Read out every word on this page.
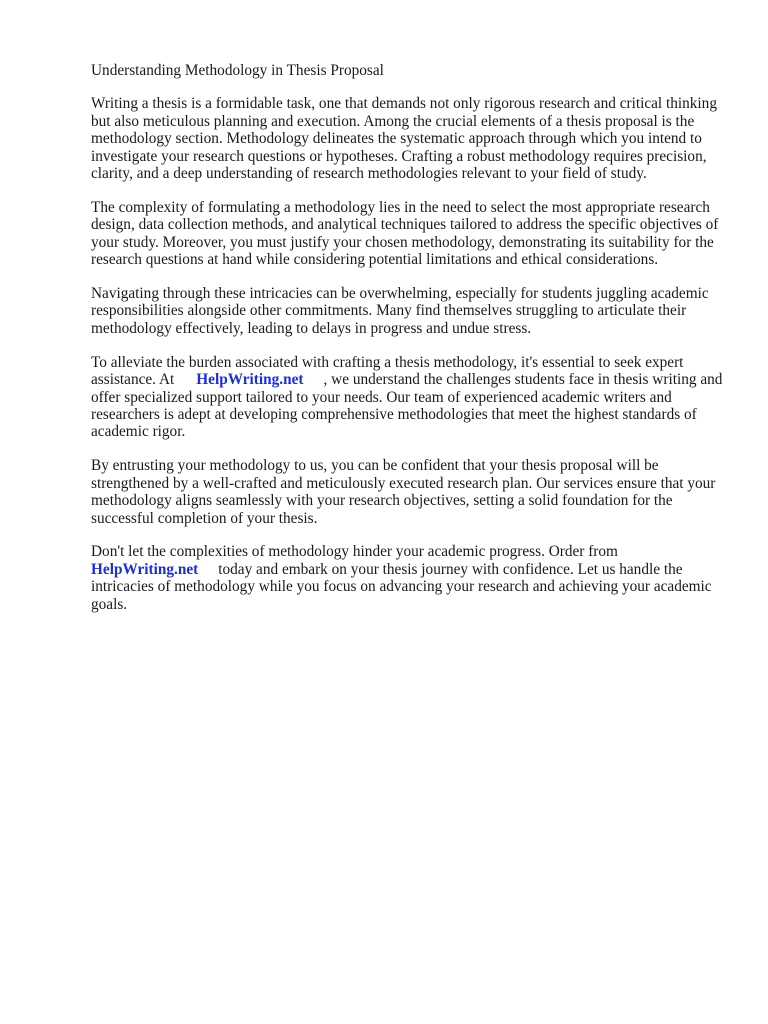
Understanding Methodology in Thesis Proposal

Writing a thesis is a formidable task, one that demands not only rigorous research and critical thinking but also meticulous planning and execution. Among the crucial elements of a thesis proposal is the methodology section. Methodology delineates the systematic approach through which you intend to investigate your research questions or hypotheses. Crafting a robust methodology requires precision, clarity, and a deep understanding of research methodologies relevant to your field of study.

The complexity of formulating a methodology lies in the need to select the most appropriate research design, data collection methods, and analytical techniques tailored to address the specific objectives of your study. Moreover, you must justify your chosen methodology, demonstrating its suitability for the research questions at hand while considering potential limitations and ethical considerations.

Navigating through these intricacies can be overwhelming, especially for students juggling academic responsibilities alongside other commitments. Many find themselves struggling to articulate their methodology effectively, leading to delays in progress and undue stress.

To alleviate the burden associated with crafting a thesis methodology, it's essential to seek expert assistance. At HelpWriting.net , we understand the challenges students face in thesis writing and offer specialized support tailored to your needs. Our team of experienced academic writers and researchers is adept at developing comprehensive methodologies that meet the highest standards of academic rigor.

By entrusting your methodology to us, you can be confident that your thesis proposal will be strengthened by a well-crafted and meticulously executed research plan. Our services ensure that your methodology aligns seamlessly with your research objectives, setting a solid foundation for the successful completion of your thesis.

Don't let the complexities of methodology hinder your academic progress. Order from
HelpWriting.net today and embark on your thesis journey with confidence. Let us handle the intricacies of methodology while you focus on advancing your research and achieving your academic goals.
